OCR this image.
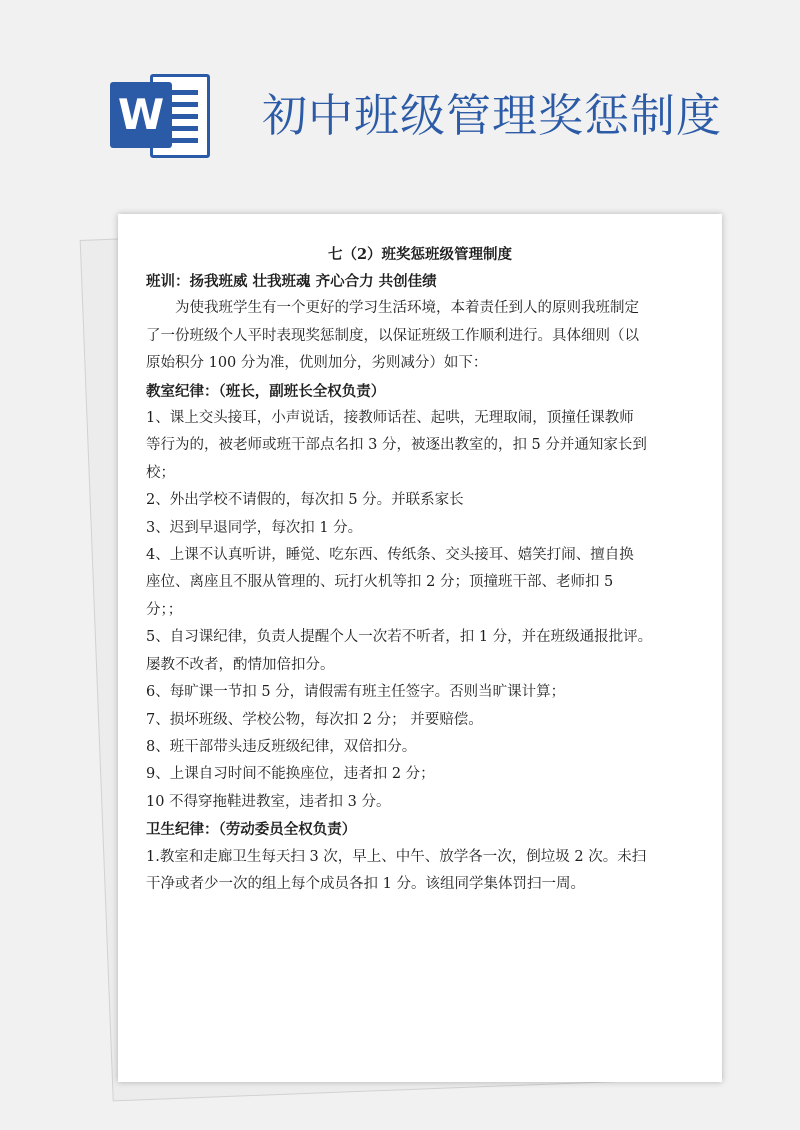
W 初中班级管理奖惩制度
七（2）班奖惩班级管理制度

班训：扬我班威 壮我班魂 齐心合力 共创佳绩

为使我班学生有一个更好的学习生活环境，本着责任到人的原则我班制定

了一份班级个人平时表现奖惩制度，以保证班级工作顺利进行。具体细则（以

原始积分 100 分为准，优则加分，劣则减分）如下：

教室纪律：（班长，副班长全权负责）

1、课上交头接耳，小声说话，接教师话茬、起哄，无理取闹，顶撞任课教师

等行为的，被老师或班干部点名扣 3 分，被逐出教室的，扣 5 分并通知家长到

校；

2、外出学校不请假的，每次扣 5 分。并联系家长

3、迟到早退同学，每次扣 1 分。

4、上课不认真听讲，睡觉、吃东西、传纸条、交头接耳、嬉笑打闹、擅自换

座位、离座且不服从管理的、玩打火机等扣 2 分；顶撞班干部、老师扣 5

分；；

5、自习课纪律，负责人提醒个人一次若不听者，扣 1 分，并在班级通报批评。

屡教不改者，酌情加倍扣分。

6、每旷课一节扣 5 分，请假需有班主任签字。否则当旷课计算；

7、损坏班级、学校公物，每次扣 2 分； 并要赔偿。

8、班干部带头违反班级纪律，双倍扣分。

9、上课自习时间不能换座位，违者扣 2 分；

10 不得穿拖鞋进教室，违者扣 3 分。

卫生纪律：（劳动委员全权负责）

1.教室和走廊卫生每天扫 3 次，早上、中午、放学各一次，倒垃圾 2 次。未扫

干净或者少一次的组上每个成员各扣 1 分。该组同学集体罚扫一周。
